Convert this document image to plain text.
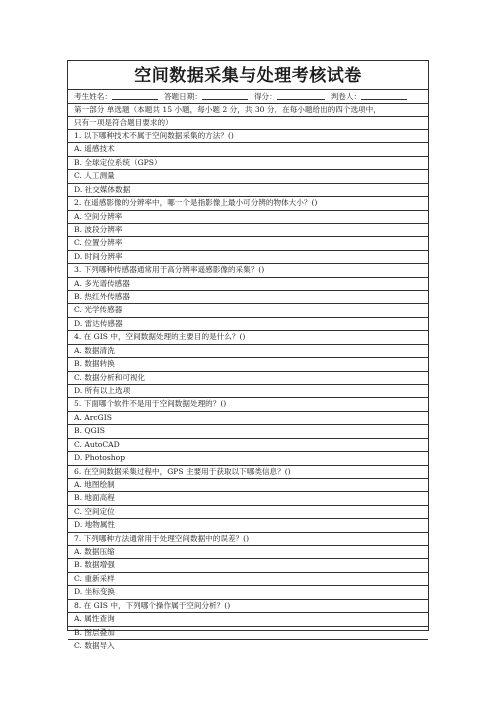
空间数据采集与处理考核试卷
考生姓名：	答题日期：	得分：	判卷人：
第一部分 单选题（本题共 15 小题，每小题 2 分，共 30 分．在每小题给出的四个选项中，
只有一项是符合题目要求的）
1. 以下哪种技术不属于空间数据采集的方法？()
A. 遥感技术
B. 全球定位系统（GPS）
C. 人工测量
D. 社交媒体数据
2. 在遥感影像的分辨率中，哪一个是指影像上最小可分辨的物体大小？()
A. 空间分辨率
B. 波段分辨率
C. 位置分辨率
D. 时间分辨率
3. 下列哪种传感器通常用于高分辨率遥感影像的采集？()
A. 多光谱传感器
B. 热红外传感器
C. 光学传感器
D. 雷达传感器
4. 在 GIS 中，空间数据处理的主要目的是什么？()
A. 数据清洗
B. 数据转换
C. 数据分析和可视化
D. 所有以上选项
5. 下面哪个软件不是用于空间数据处理的？()
A. ArcGIS
B. QGIS
C. AutoCAD
D. Photoshop
6. 在空间数据采集过程中，GPS 主要用于获取以下哪类信息？()
A. 地图绘制
B. 地面高程
C. 空间定位
D. 地物属性
7. 下列哪种方法通常用于处理空间数据中的误差？()
A. 数据压缩
B. 数据增强
C. 重新采样
D. 坐标变换
8. 在 GIS 中，下列哪个操作属于空间分析？()
A. 属性查询
B. 图层叠加
C. 数据导入
